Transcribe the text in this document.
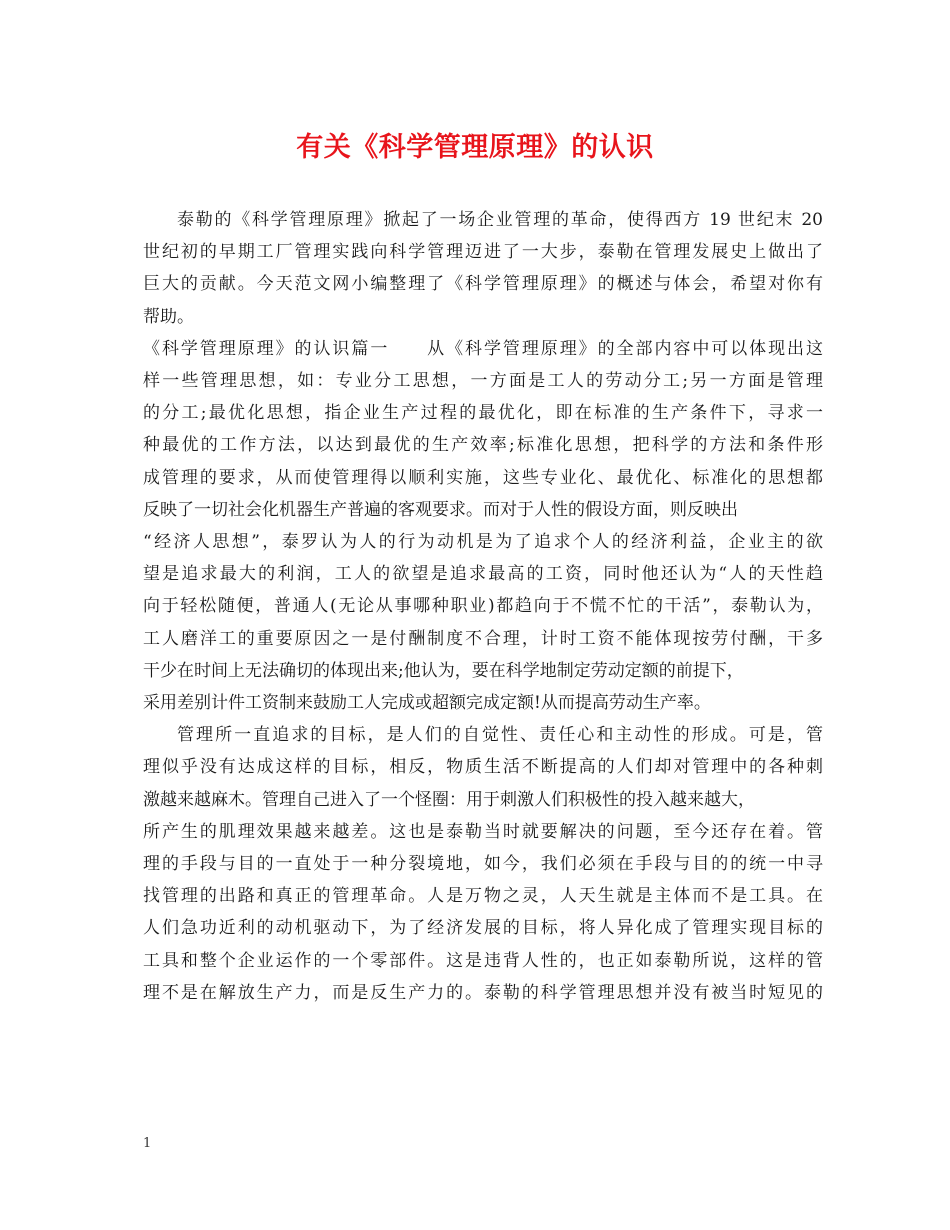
有关《科学管理原理》的认识
泰勒的《科学管理原理》掀起了一场企业管理的革命，使得西方 19 世纪末 20
世纪初的早期工厂管理实践向科学管理迈进了一大步，泰勒在管理发展史上做出了
巨大的贡献。今天范文网小编整理了《科学管理原理》的概述与体会，希望对你有
帮助。
《科学管理原理》的认识篇一　　从《科学管理原理》的全部内容中可以体现出这
样一些管理思想，如：专业分工思想，一方面是工人的劳动分工;另一方面是管理
的分工;最优化思想，指企业生产过程的最优化，即在标准的生产条件下，寻求一
种最优的工作方法，以达到最优的生产效率;标准化思想，把科学的方法和条件形
成管理的要求，从而使管理得以顺利实施，这些专业化、最优化、标准化的思想都
反映了一切社会化机器生产普遍的客观要求。而对于人性的假设方面，则反映出
“经济人思想”，泰罗认为人的行为动机是为了追求个人的经济利益，企业主的欲
望是追求最大的利润，工人的欲望是追求最高的工资，同时他还认为“人的天性趋
向于轻松随便，普通人(无论从事哪种职业)都趋向于不慌不忙的干活”，泰勒认为，
工人磨洋工的重要原因之一是付酬制度不合理，计时工资不能体现按劳付酬，干多
干少在时间上无法确切的体现出来;他认为，要在科学地制定劳动定额的前提下，
采用差别计件工资制来鼓励工人完成或超额完成定额!从而提高劳动生产率。
管理所一直追求的目标，是人们的自觉性、责任心和主动性的形成。可是，管
理似乎没有达成这样的目标，相反，物质生活不断提高的人们却对管理中的各种刺
激越来越麻木。管理自己进入了一个怪圈：用于刺激人们积极性的投入越来越大，
所产生的肌理效果越来越差。这也是泰勒当时就要解决的问题，至今还存在着。管
理的手段与目的一直处于一种分裂境地，如今，我们必须在手段与目的的统一中寻
找管理的出路和真正的管理革命。人是万物之灵，人天生就是主体而不是工具。在
人们急功近利的动机驱动下，为了经济发展的目标，将人异化成了管理实现目标的
工具和整个企业运作的一个零部件。这是违背人性的，也正如泰勒所说，这样的管
理不是在解放生产力，而是反生产力的。泰勒的科学管理思想并没有被当时短见的
1
